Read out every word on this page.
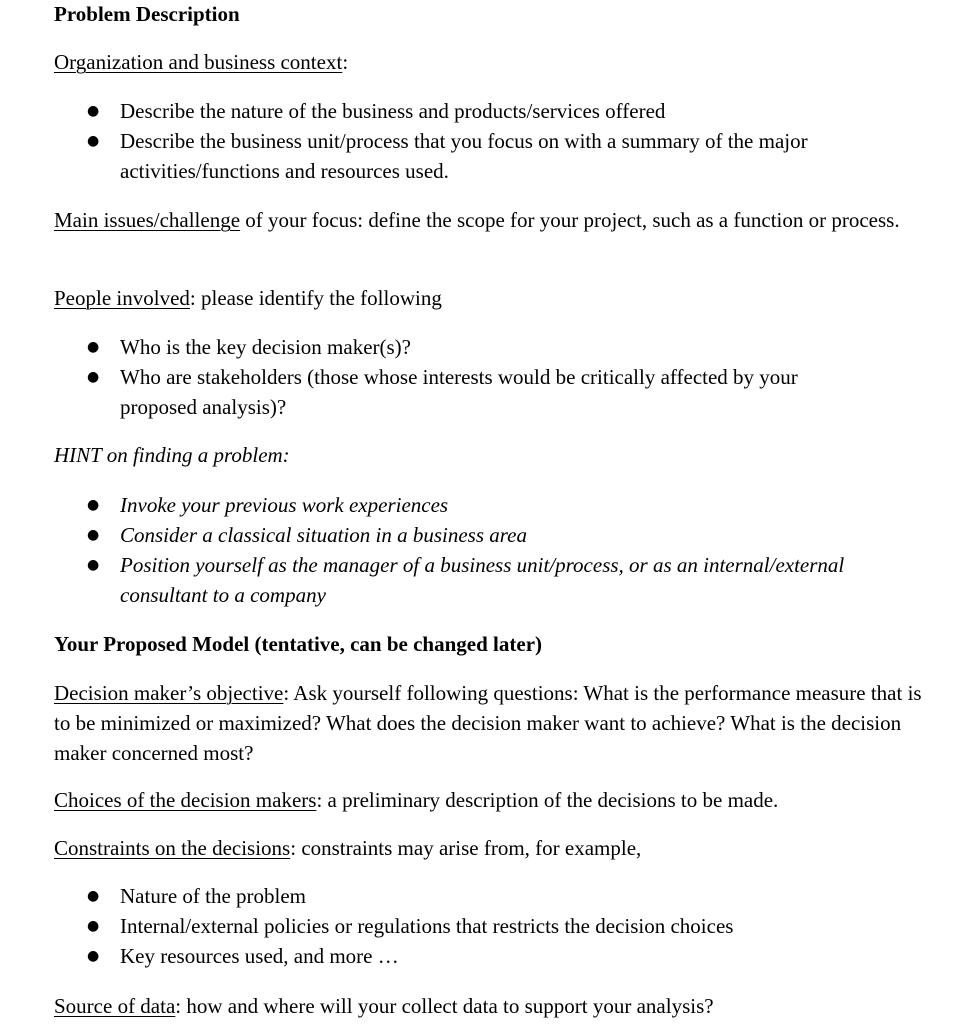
Problem Description

Organization and business context:

● Describe the nature of the business and products/services offered
● Describe the business unit/process that you focus on with a summary of the major activities/functions and resources used.

Main issues/challenge of your focus: define the scope for your project, such as a function or process.

People involved: please identify the following

● Who is the key decision maker(s)?
● Who are stakeholders (those whose interests would be critically affected by your proposed analysis)?

HINT on finding a problem:

● Invoke your previous work experiences
● Consider a classical situation in a business area
● Position yourself as the manager of a business unit/process, or as an internal/external consultant to a company

Your Proposed Model (tentative, can be changed later)

Decision maker’s objective: Ask yourself following questions: What is the performance measure that is to be minimized or maximized? What does the decision maker want to achieve? What is the decision maker concerned most?

Choices of the decision makers: a preliminary description of the decisions to be made.

Constraints on the decisions: constraints may arise from, for example,

● Nature of the problem
● Internal/external policies or regulations that restricts the decision choices
● Key resources used, and more …

Source of data: how and where will your collect data to support your analysis?
